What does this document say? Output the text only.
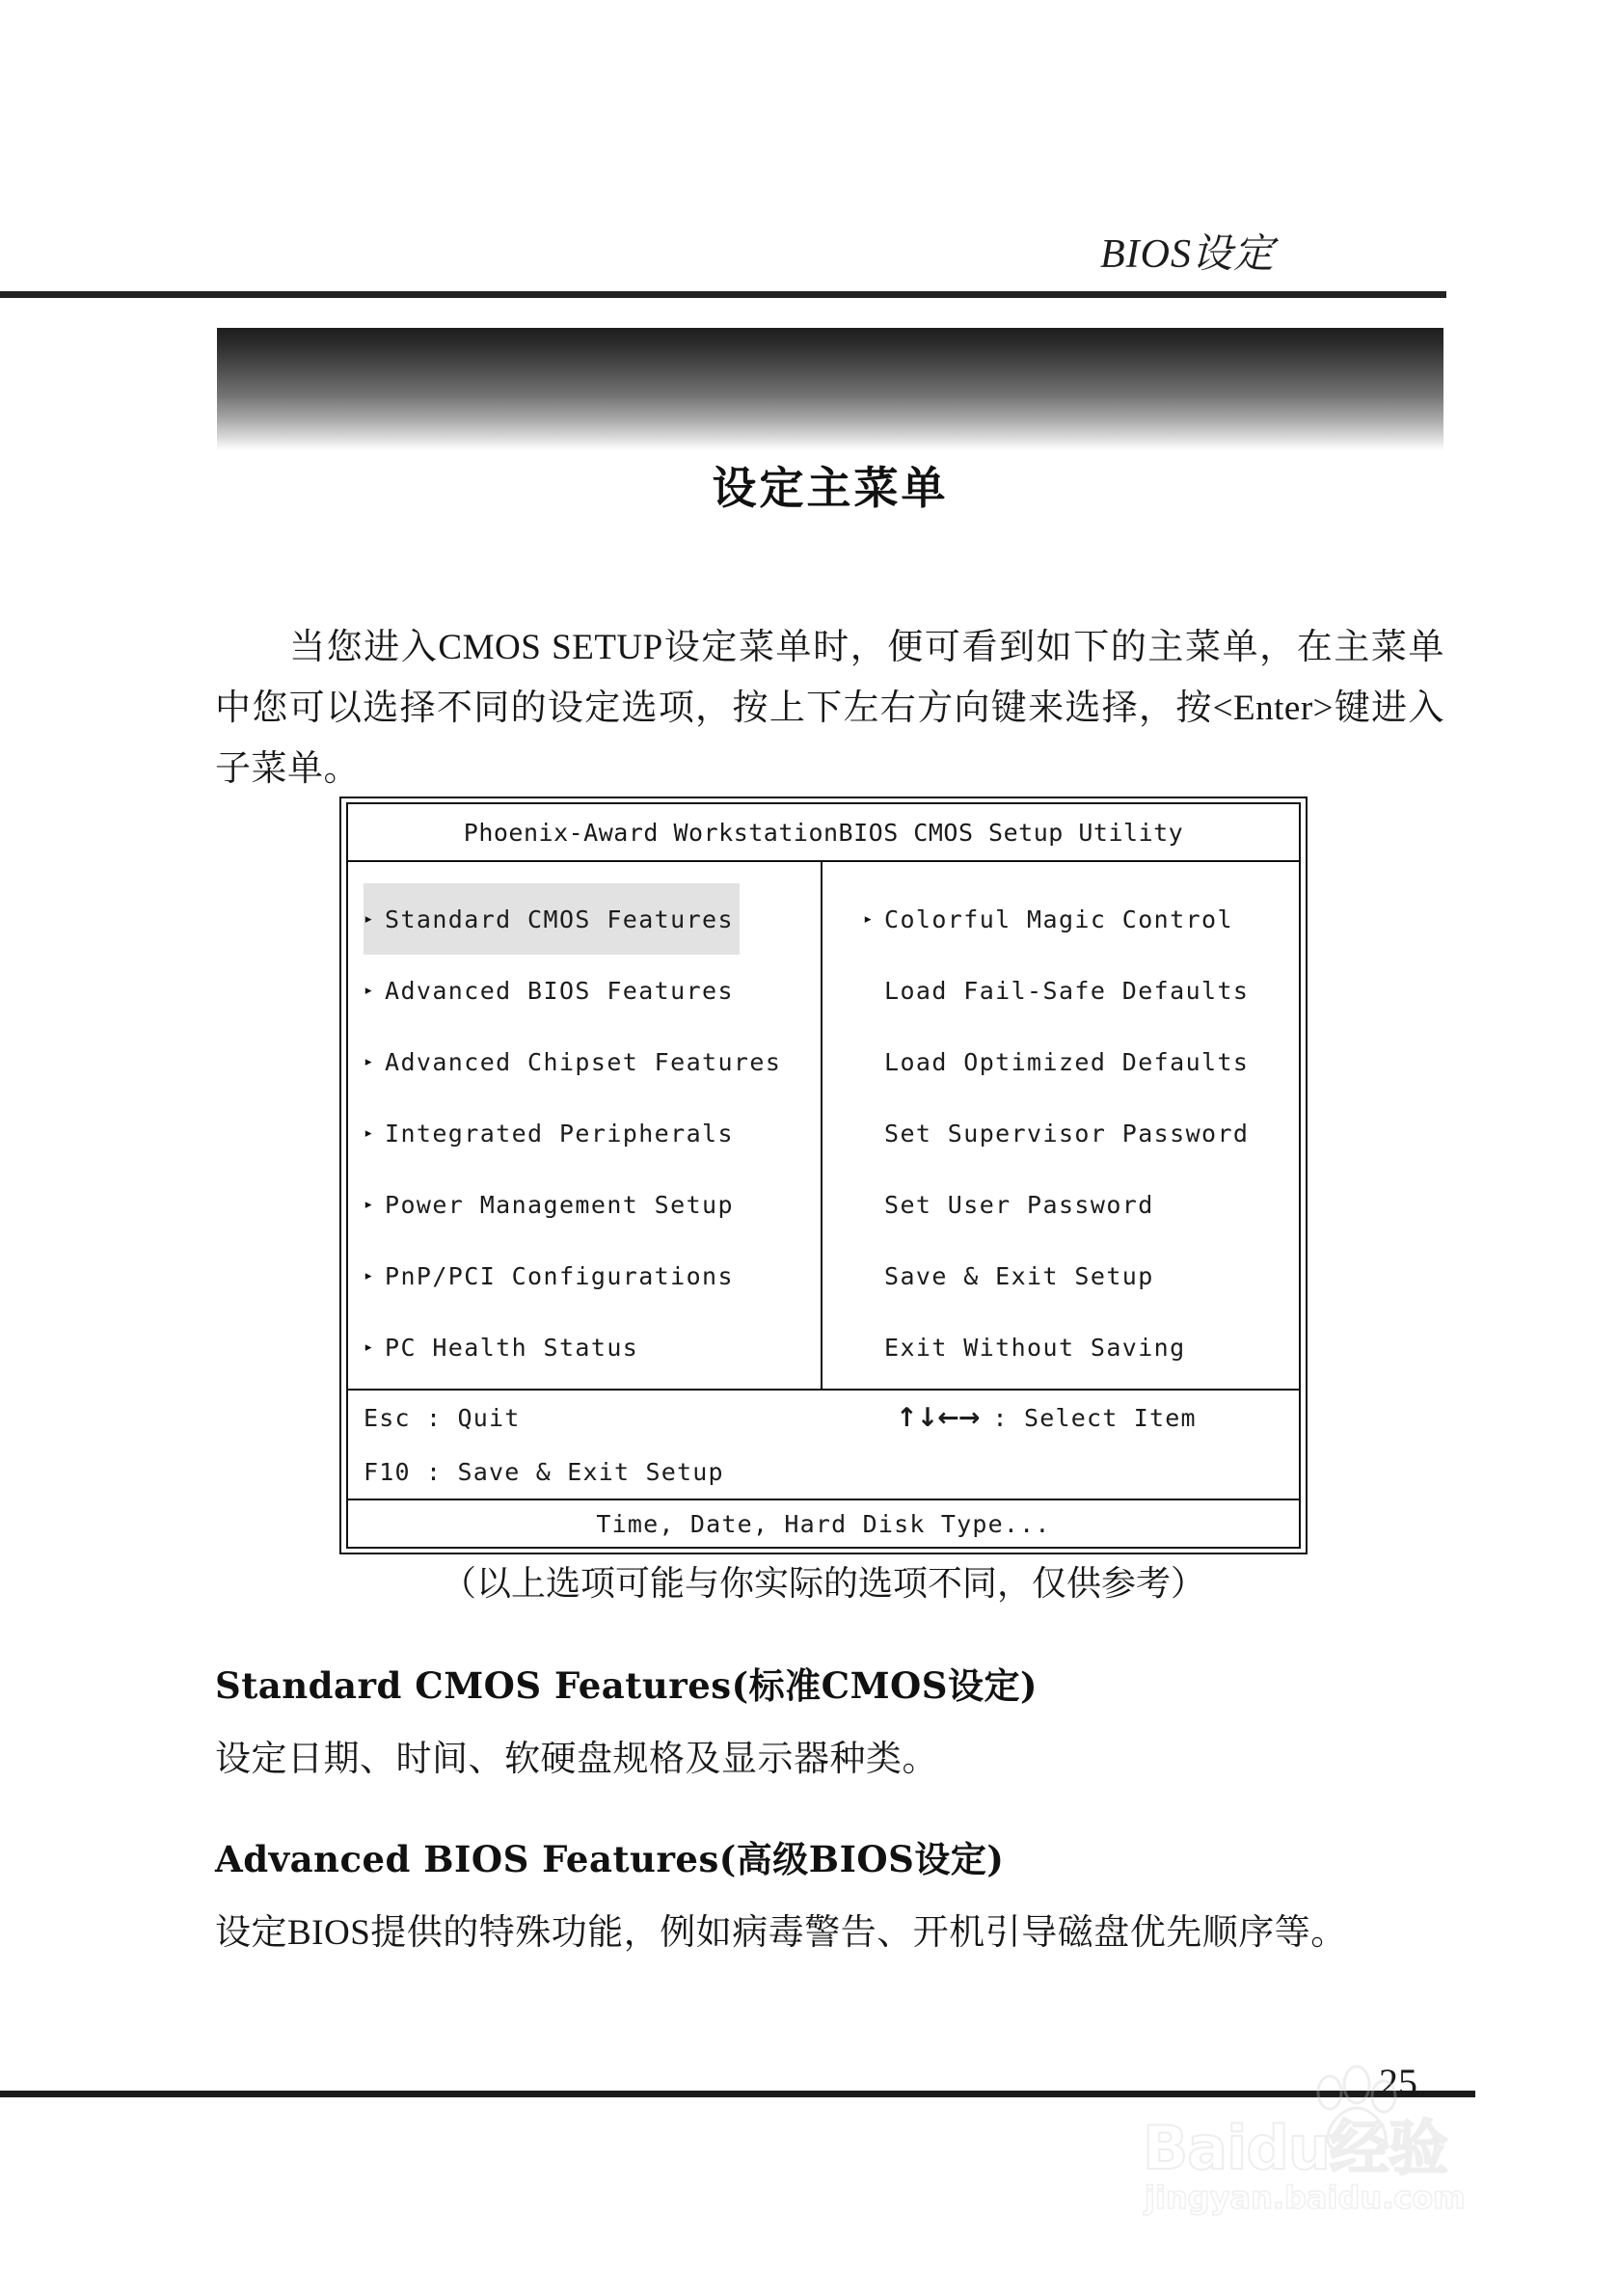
BIOS设定
设定主菜单
当您进入CMOS SETUP设定菜单时，便可看到如下的主菜单，在主菜单中您可以选择不同的设定选项，按上下左右方向键来选择，按<Enter>键进入子菜单。
Phoenix-Award WorkstationBIOS CMOS Setup Utility
▸ Standard CMOS Features
▸ Advanced BIOS Features
▸ Advanced Chipset Features
▸ Integrated Peripherals
▸ Power Management Setup
▸ PnP/PCI Configurations
▸ PC Health Status
▸ Colorful Magic Control
Load Fail-Safe Defaults
Load Optimized Defaults
Set Supervisor Password
Set User Password
Save & Exit Setup
Exit Without Saving
Esc : Quit	↑↓←→ : Select Item
F10 : Save & Exit Setup
Time, Date, Hard Disk Type...
（以上选项可能与你实际的选项不同，仅供参考）
Standard CMOS Features(标准CMOS设定)
设定日期、时间、软硬盘规格及显示器种类。
Advanced BIOS Features(高级BIOS设定)
设定BIOS提供的特殊功能，例如病毒警告、开机引导磁盘优先顺序等。
25
Baidu经验
jingyan.baidu.com
